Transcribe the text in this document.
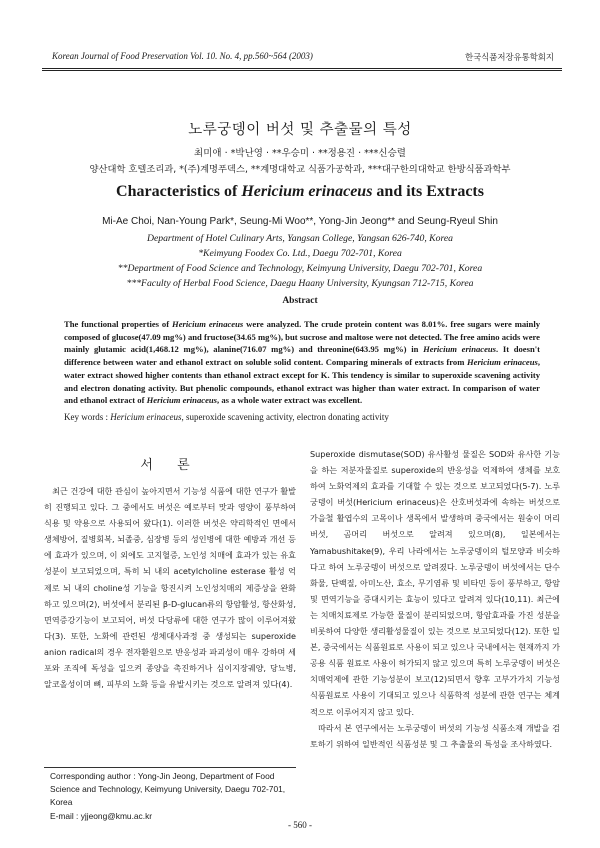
Korean Journal of Food Preservation Vol. 10. No. 4, pp.560~564 (2003)	한국식품저장유통학회지
노루궁뎅이 버섯 및 추출물의 특성
최미애 · *박난영 · **우승미 · **정용진 · ***신승렬
양산대학 호텔조리과, *(주)계명푸덱스, **계명대학교 식품가공학과, ***대구한의대학교 한방식품과학부
Characteristics of Hericium erinaceus and its Extracts
Mi-Ae Choi, Nan-Young Park*, Seung-Mi Woo**, Yong-Jin Jeong** and Seung-Ryeul Shin
Department of Hotel Culinary Arts, Yangsan College, Yangsan 626-740, Korea
*Keimyung Foodex Co. Ltd., Daegu 702-701, Korea
**Department of Food Science and Technology, Keimyung University, Daegu 702-701, Korea
***Faculty of Herbal Food Science, Daegu Haany University, Kyungsan 712-715, Korea
Abstract

The functional properties of Hericium erinaceus were analyzed. The crude protein content was 8.01%. free sugars were mainly composed of glucose(47.09 mg%) and fructose(34.65 mg%), but sucrose and maltose were not detected. The free amino acids were mainly glutamic acid(1,468.12 mg%), alanine(716.07 mg%) and threonine(643.95 mg%) in Hericium erinaceus. It doesn't difference between water and ethanol extract on soluble solid content. Comparing minerals of extracts from Hericium erinaceus, water extract showed higher contents than ethanol extract except for K. This tendency is similar to superoxide scavening activity and electron donating activity. But phenolic compounds, ethanol extract was higher than water extract. In comparison of water and ethanol extract of Hericium erinaceus, as a whole water extract was excellent.

Key words : Hericium erinaceus, superoxide scavening activity, electron donating activity
서 론

최근 건강에 대한 관심이 높아지면서 기능성 식품에 대한 연구가 활발히 진행되고 있다. 그 중에서도 버섯은 예로부터 맛과 영양이 풍부하여 식용 및 약용으로 사용되어 왔다(1). 이러한 버섯은 약리학적인 면에서 생체방어, 질병회복, 뇌졸중, 심장병 등의 성인병에 대한 예방과 개선 등에 효과가 있으며, 이 외에도 고지혈증, 노인성 치매에 효과가 있는 유효성분이 보고되었으며, 특히 뇌 내의 acetylcholine esterase 활성 억제로 뇌 내의 choline성 기능을 항진시켜 노인성치매의 제증상을 완화하고 있으며(2), 버섯에서 분리된 β-D-glucan류의 항암활성, 항산화성, 면역증강기능이 보고되어, 버섯 다당류에 대한 연구가 많이 이루어져왔다(3). 또한, 노화에 관련된 생체대사과정 중 생성되는 superoxide anion radical의 경우 전자환원으로 반응성과 파괴성이 매우 강하며 세포와 조직에 독성을 일으켜 종양을 촉진하거나 심이지장궤양, 당뇨병, 알코올성이며 뼈, 피부의 노화 등을 유발시키는 것으로 알려져 있다(4).

Superoxide dismutase(SOD) 유사활성 물질은 SOD와 유사한 기능을 하는 저분자물질로 superoxide의 반응성을 억제하여 생체를 보호하여 노화억제의 효과를 기대할 수 있는 것으로 보고되었다(5-7). 노루궁뎅이 버섯(Hericium erinaceus)은 산호버섯과에 속하는 버섯으로 가을철 활엽수의 고목이나 생목에서 발생하며 중국에서는 원숭이 머리버섯, 곰머리 버섯으로 알려져 있으며(8), 일본에서는 Yamabushitake(9), 우리 나라에서는 노루궁뎅이의 털모양과 비슷하다고 하여 노루궁뎅이 버섯으로 알려졌다. 노루궁뎅이 버섯에서는 단수화물, 단백질, 아미노산, 효소, 무기염류 및 비타민 등이 풍부하고, 항암 및 면역기능을 증대시키는 효능이 있다고 알려져 있다(10,11). 최근에는 치매치료제로 가능한 물질이 분리되었으며, 항암효과를 가진 성분을 비롯하여 다양한 생리활성물질이 있는 것으로 보고되었다(12). 또한 일본, 중국에서는 식품원료로 사용이 되고 있으나 국내에서는 현재까지 가공용 식품 원료로 사용이 허가되지 않고 있으며 특히 노루궁뎅이 버섯은 치매억제에 관한 기능성분이 보고(12)되면서 향후 고부가가치 기능성 식품원료로 사용이 기대되고 있으나 식품학적 성분에 관한 연구는 체계적으로 이루어지지 않고 있다.

따라서 본 연구에서는 노루궁뎅이 버섯의 기능성 식품소재 개발을 검토하기 위하여 일반적인 식품성분 및 그 추출물의 특성을 조사하였다.

Corresponding author : Yong-Jin Jeong, Department of Food Science and Technology, Keimyung University, Daegu 702-701, Korea
E-mail : yjjeong@kmu.ac.kr
- 560 -
